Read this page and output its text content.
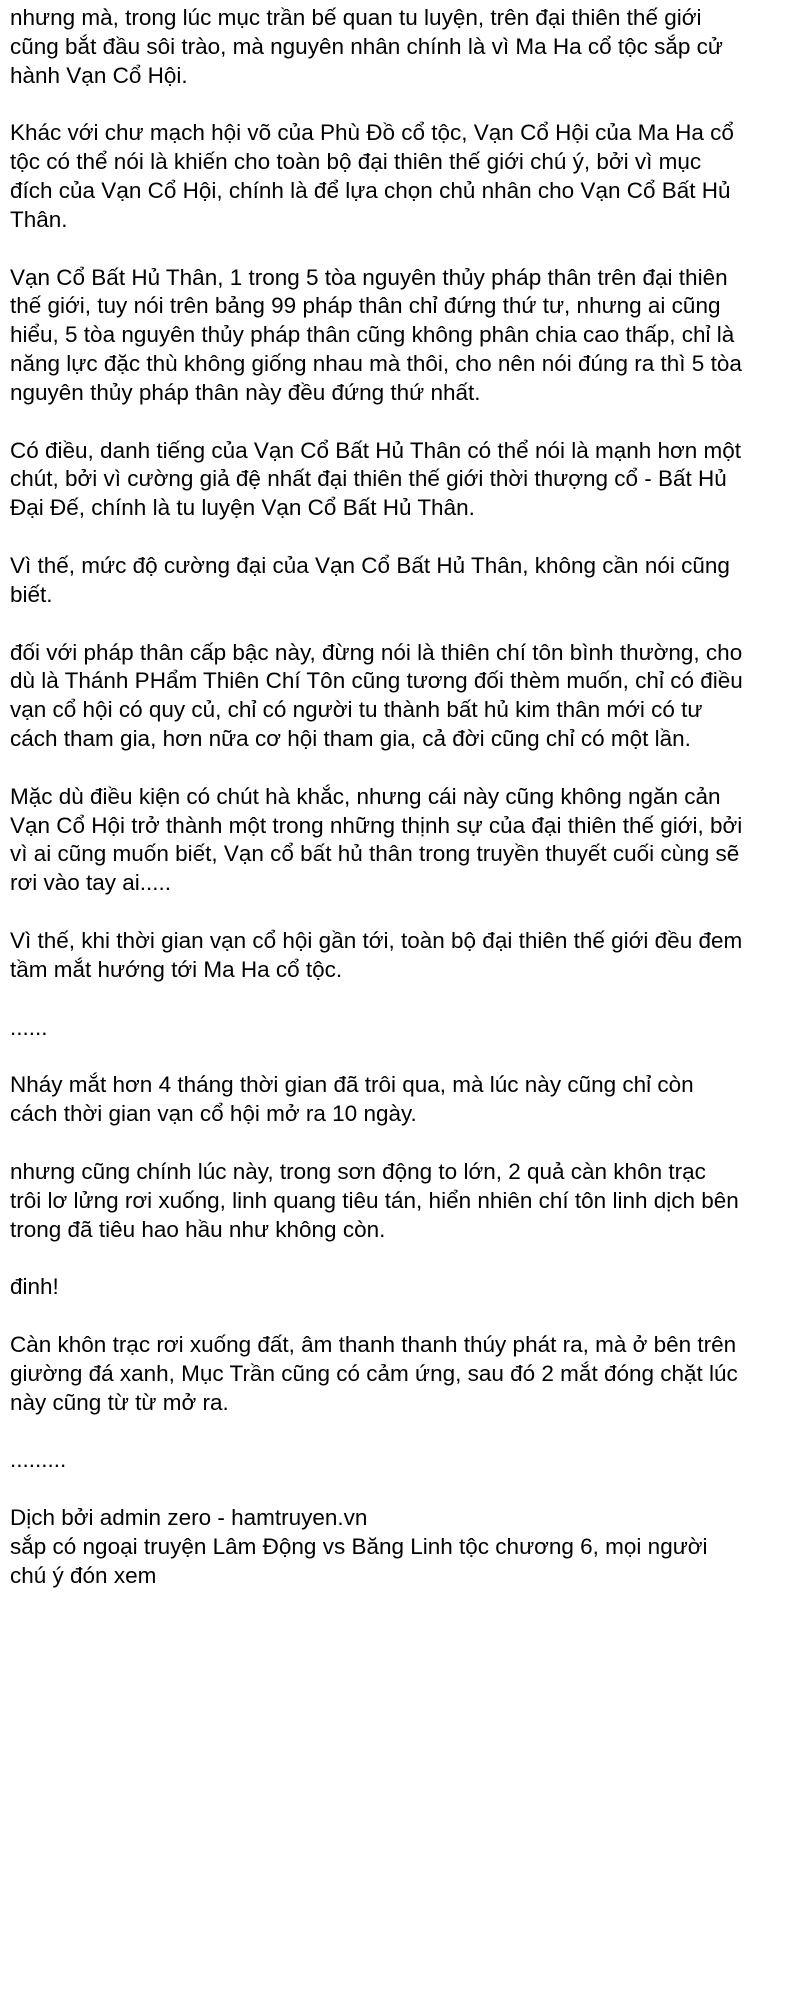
nhưng mà, trong lúc mục trần bế quan tu luyện, trên đại thiên thế giới
cũng bắt đầu sôi trào, mà nguyên nhân chính là vì Ma Ha cổ tộc sắp cử
hành Vạn Cổ Hội.

Khác với chư mạch hội võ của Phù Đồ cổ tộc, Vạn Cổ Hội của Ma Ha cổ
tộc có thể nói là khiến cho toàn bộ đại thiên thế giới chú ý, bởi vì mục
đích của Vạn Cổ Hội, chính là để lựa chọn chủ nhân cho Vạn Cổ Bất Hủ
Thân.

Vạn Cổ Bất Hủ Thân, 1 trong 5 tòa nguyên thủy pháp thân trên đại thiên
thế giới, tuy nói trên bảng 99 pháp thân chỉ đứng thứ tư, nhưng ai cũng
hiểu, 5 tòa nguyên thủy pháp thân cũng không phân chia cao thấp, chỉ là
năng lực đặc thù không giống nhau mà thôi, cho nên nói đúng ra thì 5 tòa
nguyên thủy pháp thân này đều đứng thứ nhất.

Có điều, danh tiếng của Vạn Cổ Bất Hủ Thân có thể nói là mạnh hơn một
chút, bởi vì cường giả đệ nhất đại thiên thế giới thời thượng cổ - Bất Hủ
Đại Đế, chính là tu luyện Vạn Cổ Bất Hủ Thân.

Vì thế, mức độ cường đại của Vạn Cổ Bất Hủ Thân, không cần nói cũng
biết.

đối với pháp thân cấp bậc này, đừng nói là thiên chí tôn bình thường, cho
dù là Thánh PHẩm Thiên Chí Tôn cũng tương đối thèm muốn, chỉ có điều
vạn cổ hội có quy củ, chỉ có người tu thành bất hủ kim thân mới có tư
cách tham gia, hơn nữa cơ hội tham gia, cả đời cũng chỉ có một lần.

Mặc dù điều kiện có chút hà khắc, nhưng cái này cũng không ngăn cản
Vạn Cổ Hội trở thành một trong những thịnh sự của đại thiên thế giới, bởi
vì ai cũng muốn biết, Vạn cổ bất hủ thân trong truyền thuyết cuối cùng sẽ
rơi vào tay ai.....

Vì thế, khi thời gian vạn cổ hội gần tới, toàn bộ đại thiên thế giới đều đem
tầm mắt hướng tới Ma Ha cổ tộc.

......

Nháy mắt hơn 4 tháng thời gian đã trôi qua, mà lúc này cũng chỉ còn
cách thời gian vạn cổ hội mở ra 10 ngày.

nhưng cũng chính lúc này, trong sơn động to lớn, 2 quả càn khôn trạc
trôi lơ lửng rơi xuống, linh quang tiêu tán, hiển nhiên chí tôn linh dịch bên
trong đã tiêu hao hầu như không còn.

đinh!

Càn khôn trạc rơi xuống đất, âm thanh thanh thúy phát ra, mà ở bên trên
giường đá xanh, Mục Trần cũng có cảm ứng, sau đó 2 mắt đóng chặt lúc
này cũng từ từ mở ra.

.........

Dịch bởi admin zero - hamtruyen.vn
sắp có ngoại truyện Lâm Động vs Băng Linh tộc chương 6, mọi người
chú ý đón xem
